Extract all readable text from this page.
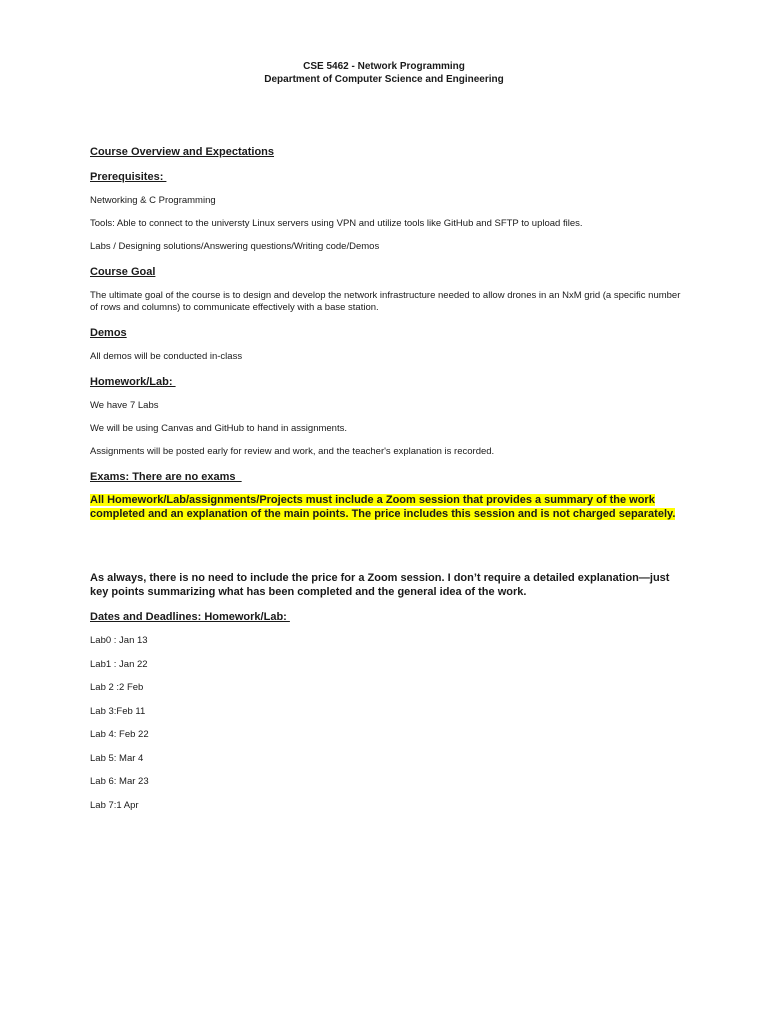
CSE 5462 - Network Programming
Department of Computer Science and Engineering
Course Overview and Expectations
Prerequisites:
Networking & C Programming
Tools: Able to connect to the universty Linux servers using VPN and utilize tools like GitHub and SFTP to upload files.
Labs / Designing solutions/Answering questions/Writing code/Demos
Course Goal
The ultimate goal of the course is to design and develop the network infrastructure needed to allow drones in an NxM grid (a specific number of rows and columns) to communicate effectively with a base station.
Demos
All demos will be conducted in-class
Homework/Lab:
We have 7 Labs
We will be using Canvas and GitHub to hand in assignments.
Assignments will be posted early for review and work, and the teacher's explanation is recorded.
Exams: There are no exams
All Homework/Lab/assignments/Projects must include a Zoom session that provides a summary of the work completed and an explanation of the main points. The price includes this session and is not charged separately.
As always, there is no need to include the price for a Zoom session. I don’t require a detailed explanation—just key points summarizing what has been completed and the general idea of the work.
Dates and Deadlines: Homework/Lab:
Lab0 : Jan 13
Lab1 : Jan 22
Lab 2 :2 Feb
Lab 3:Feb 11
Lab 4: Feb 22
Lab 5: Mar 4
Lab 6: Mar 23
Lab 7:1 Apr
